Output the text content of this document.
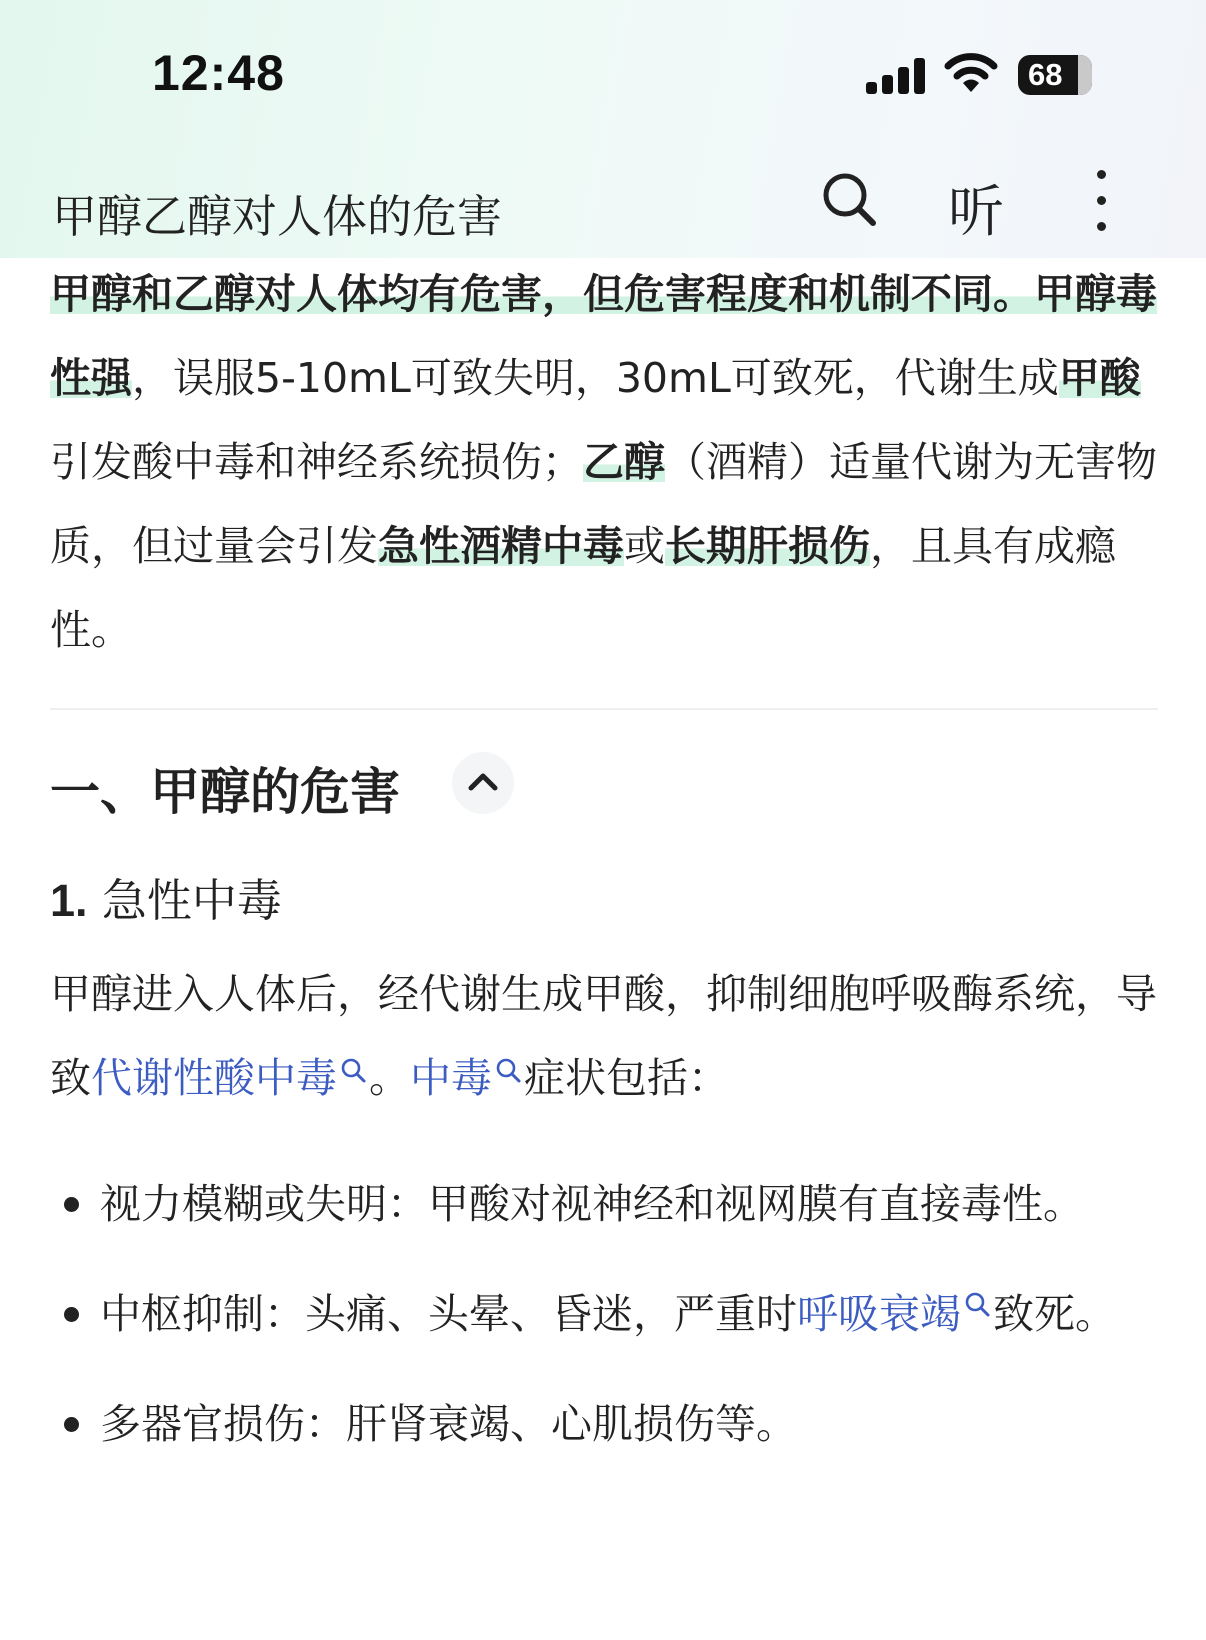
12:48	68
甲醇乙醇对人体的危害	听

甲醇和乙醇对人体均有危害，但危害程度和机制不同。甲醇毒性强，误服5-10mL可致失明，30mL可致死，代谢生成甲酸引发酸中毒和神经系统损伤；乙醇（酒精）适量代谢为无害物质，但过量会引发急性酒精中毒或长期肝损伤，且具有成瘾性。

一、甲醇的危害
1. 急性中毒

甲醇进入人体后，经代谢生成甲酸，抑制细胞呼吸酶系统，导致代谢性酸中毒 。中毒 症状包括：

视力模糊或失明：甲酸对视神经和视网膜有直接毒性。
中枢抑制：头痛、头晕、昏迷，严重时呼吸衰竭 致死。
多器官损伤：肝肾衰竭、心肌损伤等。
